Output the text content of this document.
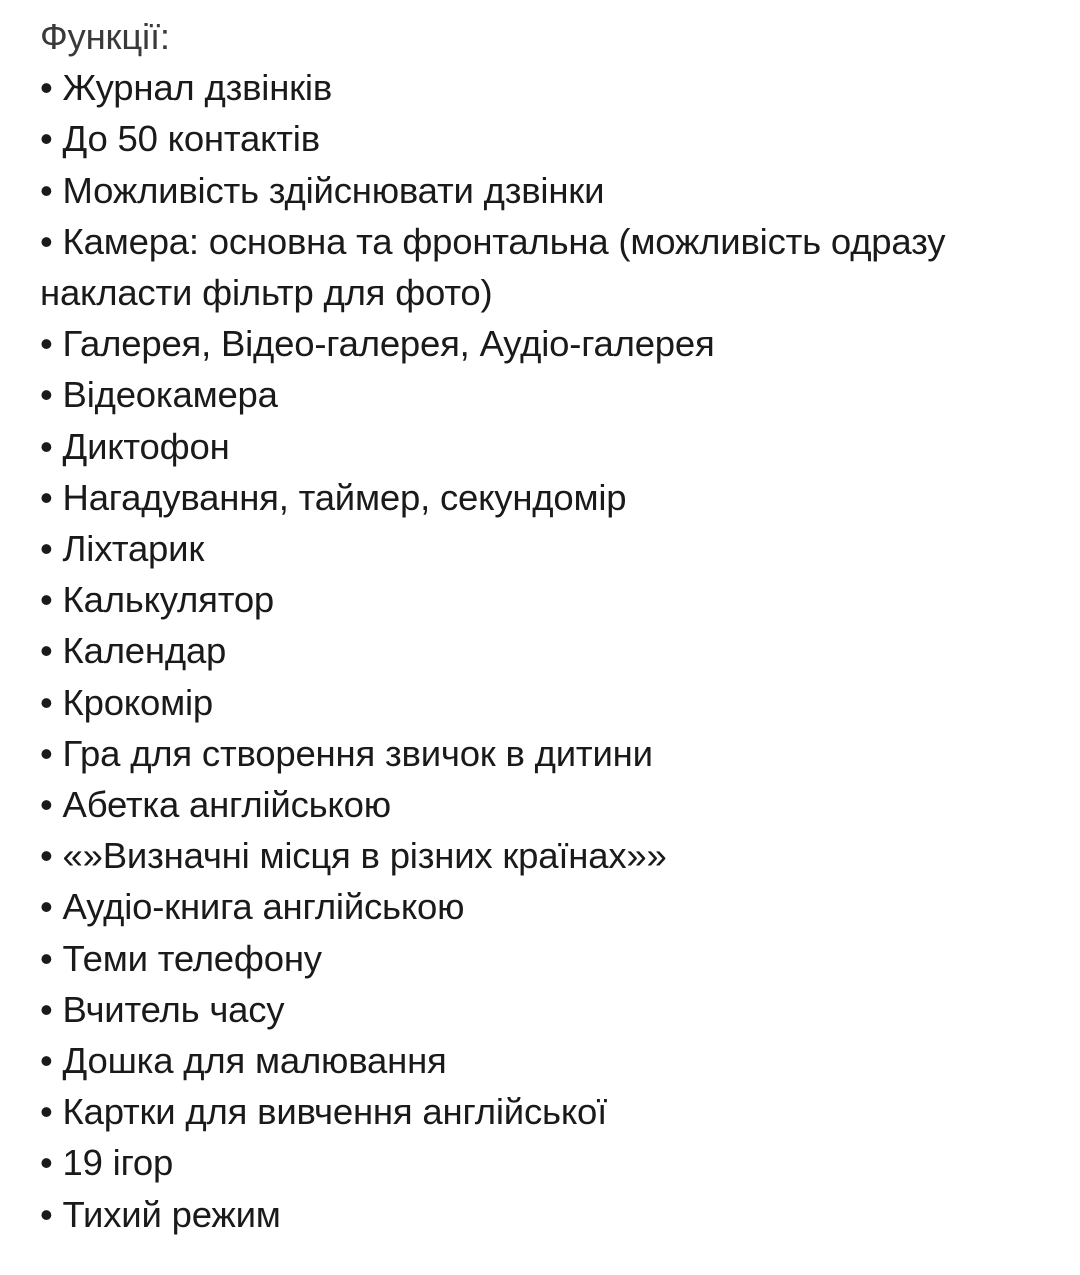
Функції:

• Журнал дзвінків
• До 50 контактів
• Можливість здійснювати дзвінки
• Камера: основна та фронтальна (можливість одразу накласти фільтр для фото)
• Галерея, Відео-галерея, Аудіо-галерея
• Відеокамера
• Диктофон
• Нагадування, таймер, секундомір
• Ліхтарик
• Калькулятор
• Календар
• Крокомір
• Гра для створення звичок в дитини
• Абетка англійською
• «»Визначні місця в різних країнах»»
• Аудіо-книга англійською
• Теми телефону
• Вчитель часу
• Дошка для малювання
• Картки для вивчення англійської
• 19 ігор
• Тихий режим
